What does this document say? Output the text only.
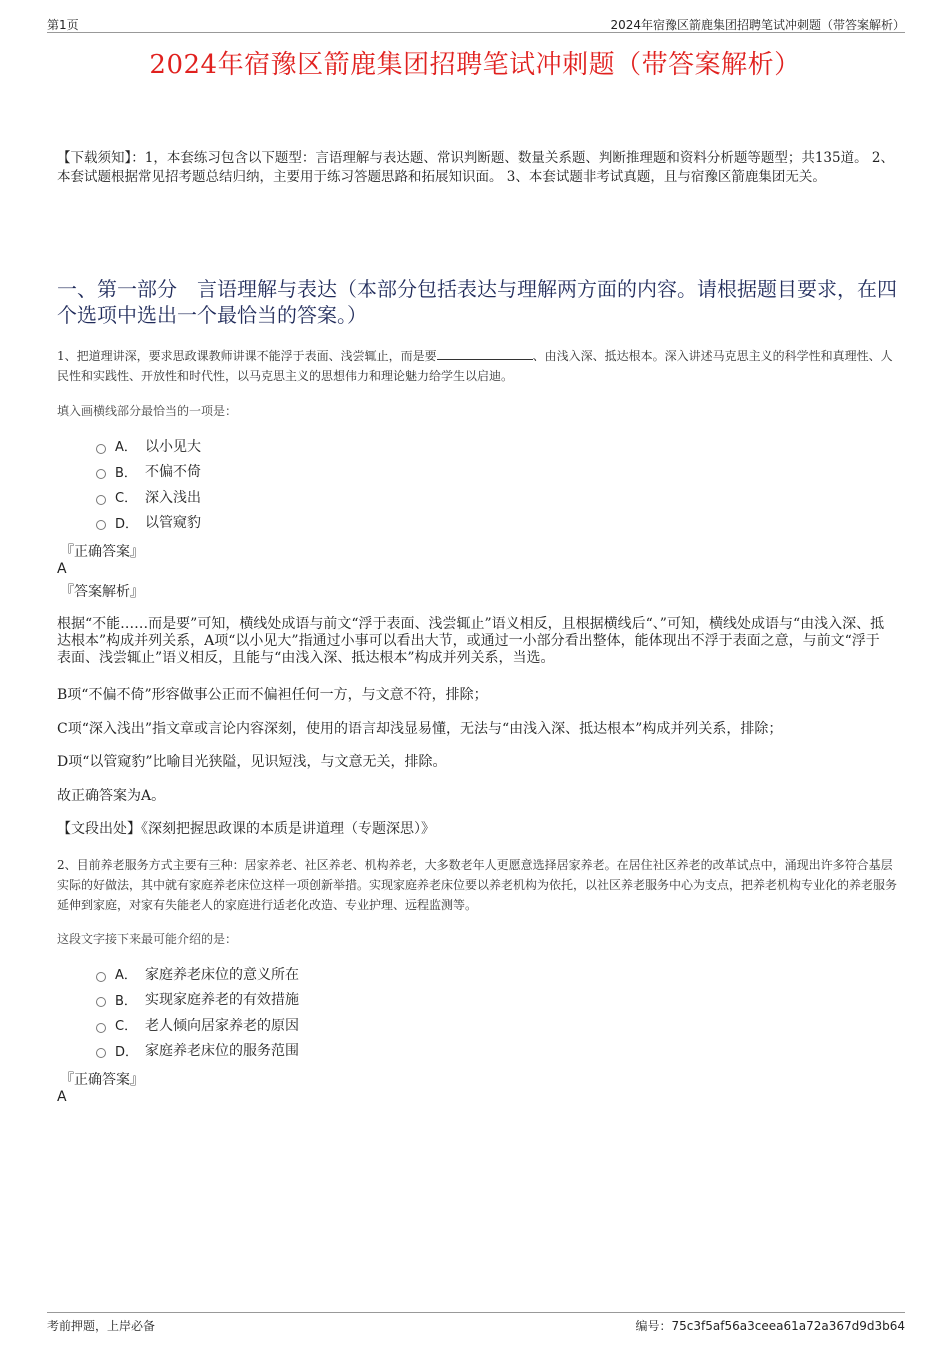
第1页	2024年宿豫区箭鹿集团招聘笔试冲刺题（带答案解析）
2024年宿豫区箭鹿集团招聘笔试冲刺题（带答案解析）
【下载须知】：1，本套练习包含以下题型：言语理解与表达题、常识判断题、数量关系题、判断推理题和资料分析题等题型；共135道。 2、本套试题根据常见招考题总结归纳，主要用于练习答题思路和拓展知识面。 3、本套试题非考试真题，且与宿豫区箭鹿集团无关。
一、第一部分　言语理解与表达（本部分包括表达与理解两方面的内容。请根据题目要求，在四个选项中选出一个最恰当的答案。）
1、把道理讲深，要求思政课教师讲课不能浮于表面、浅尝辄止，而是要	、由浅入深、抵达根本。深入讲述马克思主义的科学性和真理性、人民性和实践性、开放性和时代性，以马克思主义的思想伟力和理论魅力给学生以启迪。
填入画横线部分最恰当的一项是：
A． 以小见大
B． 不偏不倚
C． 深入浅出
D． 以管窥豹
『正确答案』
A
『答案解析』
根据“不能……而是要”可知，横线处成语与前文“浮于表面、浅尝辄止”语义相反，且根据横线后“、”可知，横线处成语与“由浅入深、抵达根本”构成并列关系，A项“以小见大”指通过小事可以看出大节，或通过一小部分看出整体，能体现出不浮于表面之意，与前文“浮于表面、浅尝辄止”语义相反，且能与“由浅入深、抵达根本”构成并列关系，当选。
B项“不偏不倚”形容做事公正而不偏袒任何一方，与文意不符，排除；
C项“深入浅出”指文章或言论内容深刻，使用的语言却浅显易懂，无法与“由浅入深、抵达根本”构成并列关系，排除；
D项“以管窥豹”比喻目光狭隘，见识短浅，与文意无关，排除。
故正确答案为A。
【文段出处】《深刻把握思政课的本质是讲道理（专题深思）》
2、目前养老服务方式主要有三种：居家养老、社区养老、机构养老，大多数老年人更愿意选择居家养老。在居住社区养老的改革试点中，涌现出许多符合基层实际的好做法，其中就有家庭养老床位这样一项创新举措。实现家庭养老床位要以养老机构为依托，以社区养老服务中心为支点，把养老机构专业化的养老服务延伸到家庭，对家有失能老人的家庭进行适老化改造、专业护理、远程监测等。
这段文字接下来最可能介绍的是：
A． 家庭养老床位的意义所在
B． 实现家庭养老的有效措施
C． 老人倾向居家养老的原因
D． 家庭养老床位的服务范围
『正确答案』
A
考前押题，上岸必备	编号：75c3f5af56a3ceea61a72a367d9d3b64
